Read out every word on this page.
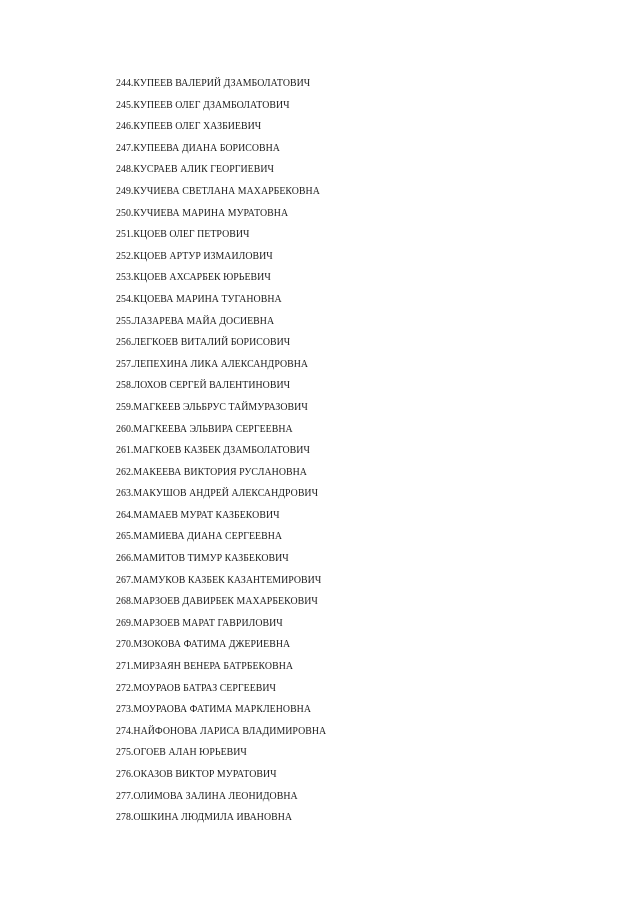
244.КУПЕЕВ ВАЛЕРИЙ ДЗАМБОЛАТОВИЧ
245.КУПЕЕВ ОЛЕГ ДЗАМБОЛАТОВИЧ
246.КУПЕЕВ ОЛЕГ ХАЗБИЕВИЧ
247.КУПЕЕВА ДИАНА БОРИСОВНА
248.КУСРАЕВ АЛИК ГЕОРГИЕВИЧ
249.КУЧИЕВА СВЕТЛАНА МАХАРБЕКОВНА
250.КУЧИЕВА МАРИНА МУРАТОВНА
251.КЦОЕВ ОЛЕГ ПЕТРОВИЧ
252.КЦОЕВ АРТУР ИЗМАИЛОВИЧ
253.КЦОЕВ АХСАРБЕК ЮРЬЕВИЧ
254.КЦОЕВА МАРИНА ТУГАНОВНА
255.ЛАЗАРЕВА МАЙА ДОСИЕВНА
256.ЛЕГКОЕВ ВИТАЛИЙ БОРИСОВИЧ
257.ЛЕПЕХИНА ЛИКА АЛЕКСАНДРОВНА
258.ЛОХОВ СЕРГЕЙ ВАЛЕНТИНОВИЧ
259.МАГКЕЕВ ЭЛЬБРУС ТАЙМУРАЗОВИЧ
260.МАГКЕЕВА ЭЛЬВИРА СЕРГЕЕВНА
261.МАГКОЕВ КАЗБЕК ДЗАМБОЛАТОВИЧ
262.МАКЕЕВА ВИКТОРИЯ РУСЛАНОВНА
263.МАКУШОВ АНДРЕЙ АЛЕКСАНДРОВИЧ
264.МАМАЕВ МУРАТ КАЗБЕКОВИЧ
265.МАМИЕВА ДИАНА СЕРГЕЕВНА
266.МАМИТОВ ТИМУР КАЗБЕКОВИЧ
267.МАМУКОВ КАЗБЕК КАЗАНТЕМИРОВИЧ
268.МАРЗОЕВ ДАВИРБЕК МАХАРБЕКОВИЧ
269.МАРЗОЕВ МАРАТ ГАВРИЛОВИЧ
270.МЗОКОВА ФАТИМА ДЖЕРИЕВНА
271.МИРЗАЯН ВЕНЕРА БАТРБЕКОВНА
272.МОУРАОВ БАТРАЗ СЕРГЕЕВИЧ
273.МОУРАОВА ФАТИМА МАРКЛЕНОВНА
274.НАЙФОНОВА ЛАРИСА ВЛАДИМИРОВНА
275.ОГОЕВ АЛАН ЮРЬЕВИЧ
276.ОКАЗОВ ВИКТОР МУРАТОВИЧ
277.ОЛИМОВА ЗАЛИНА ЛЕОНИДОВНА
278.ОШКИНА ЛЮДМИЛА ИВАНОВНА
